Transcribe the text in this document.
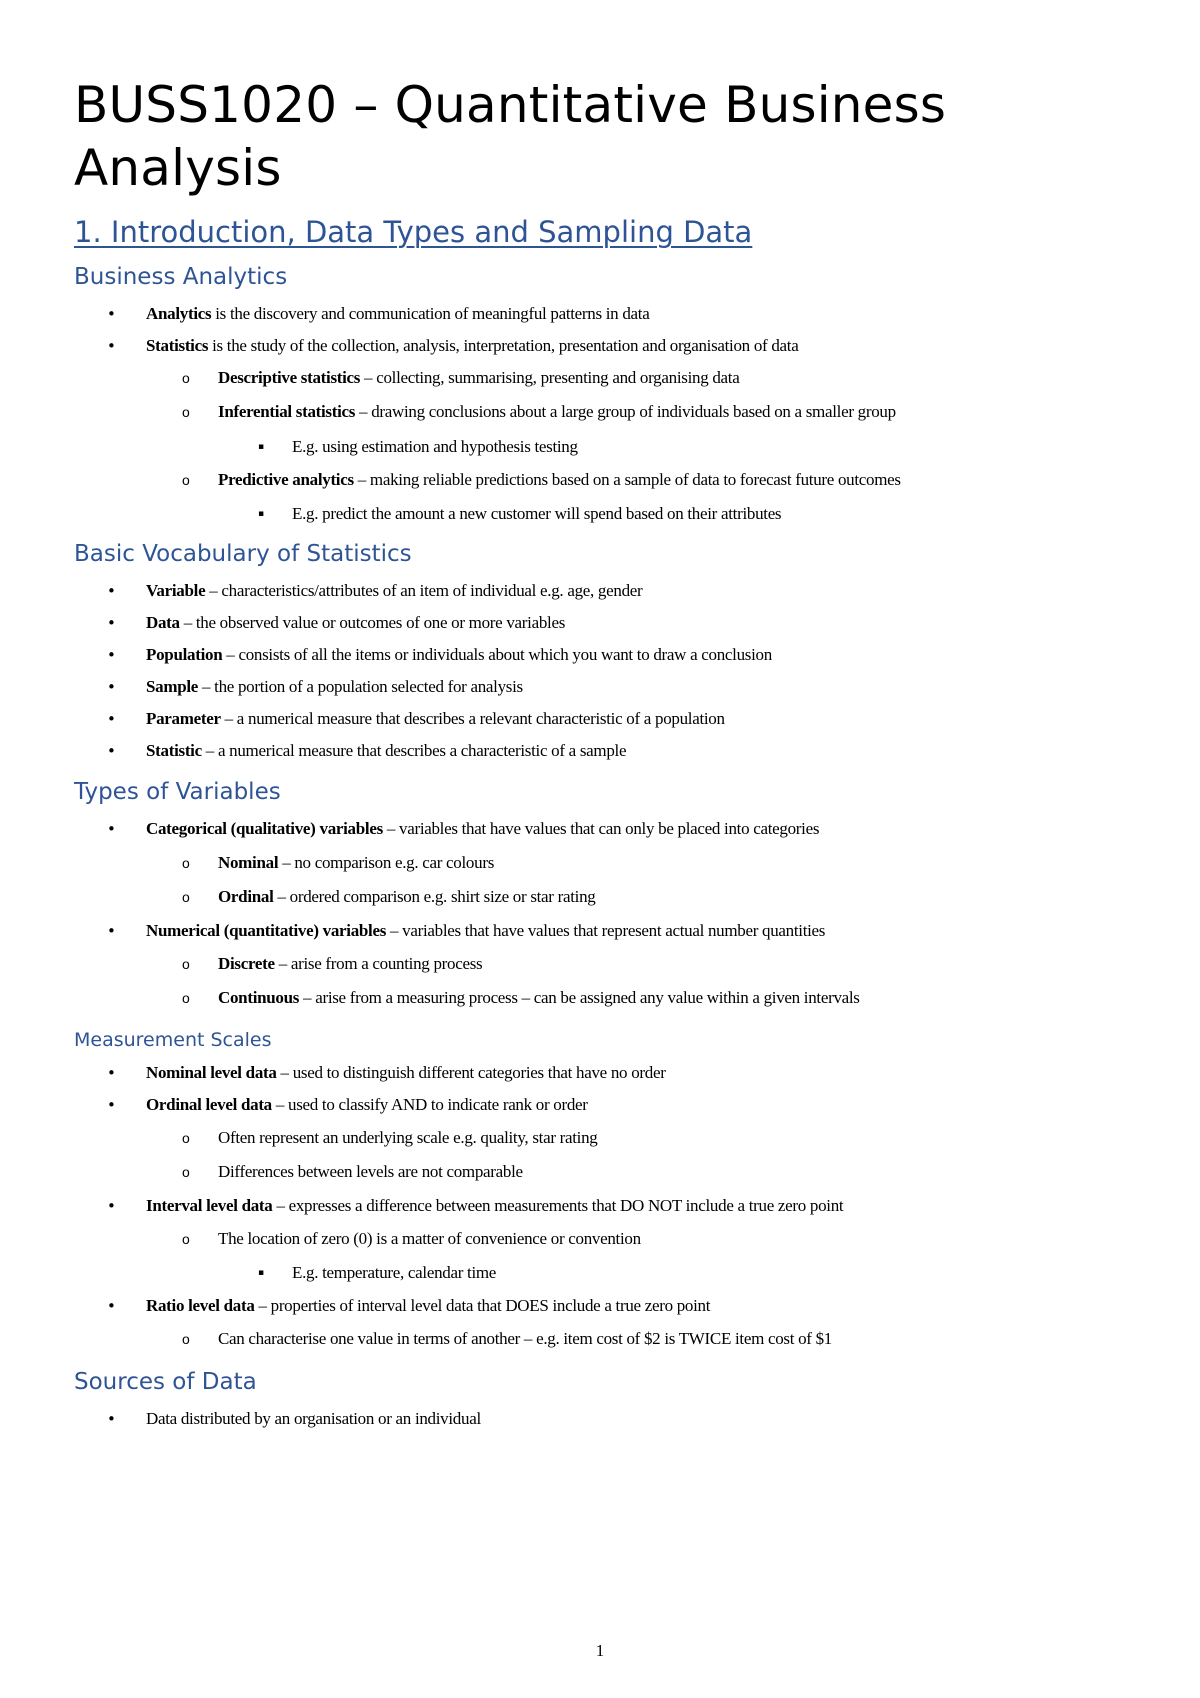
BUSS1020 – Quantitative Business Analysis
1. Introduction, Data Types and Sampling Data
Business Analytics
• Analytics is the discovery and communication of meaningful patterns in data
• Statistics is the study of the collection, analysis, interpretation, presentation and organisation of data
o Descriptive statistics – collecting, summarising, presenting and organising data
o Inferential statistics – drawing conclusions about a large group of individuals based on a smaller group
▪ E.g. using estimation and hypothesis testing
o Predictive analytics – making reliable predictions based on a sample of data to forecast future outcomes
▪ E.g. predict the amount a new customer will spend based on their attributes
Basic Vocabulary of Statistics
• Variable – characteristics/attributes of an item of individual e.g. age, gender
• Data – the observed value or outcomes of one or more variables
• Population – consists of all the items or individuals about which you want to draw a conclusion
• Sample – the portion of a population selected for analysis
• Parameter – a numerical measure that describes a relevant characteristic of a population
• Statistic – a numerical measure that describes a characteristic of a sample
Types of Variables
• Categorical (qualitative) variables – variables that have values that can only be placed into categories
o Nominal – no comparison e.g. car colours
o Ordinal – ordered comparison e.g. shirt size or star rating
• Numerical (quantitative) variables – variables that have values that represent actual number quantities
o Discrete – arise from a counting process
o Continuous – arise from a measuring process – can be assigned any value within a given intervals
Measurement Scales
• Nominal level data – used to distinguish different categories that have no order
• Ordinal level data – used to classify AND to indicate rank or order
o Often represent an underlying scale e.g. quality, star rating
o Differences between levels are not comparable
• Interval level data – expresses a difference between measurements that DO NOT include a true zero point
o The location of zero (0) is a matter of convenience or convention
▪ E.g. temperature, calendar time
• Ratio level data – properties of interval level data that DOES include a true zero point
o Can characterise one value in terms of another – e.g. item cost of $2 is TWICE item cost of $1
Sources of Data
• Data distributed by an organisation or an individual
1
